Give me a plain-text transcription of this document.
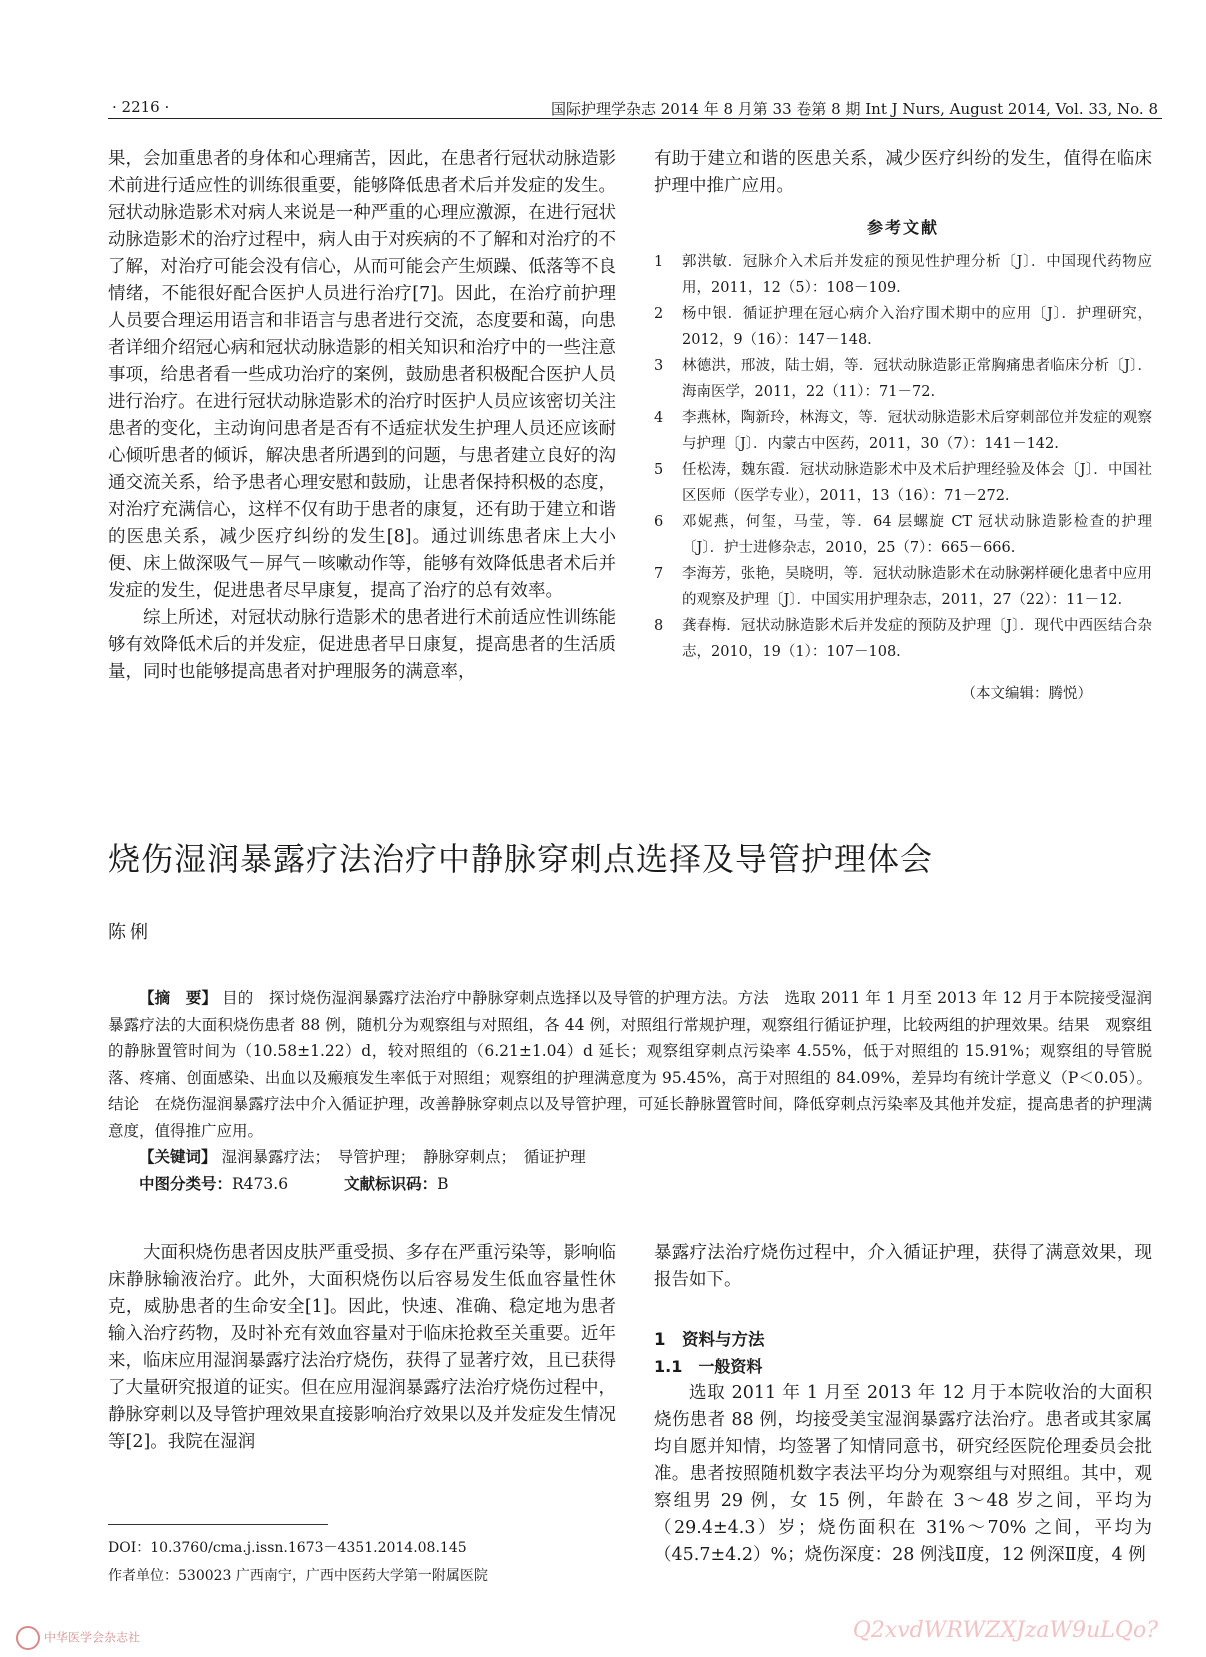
· 2216 ·	国际护理学杂志 2014 年 8 月第 33 卷第 8 期 Int J Nurs, August 2014, Vol. 33, No. 8

果，会加重患者的身体和心理痛苦，因此，在患者行冠状动脉造影术前进行适应性的训练很重要，能够降低患者术后并发症的发生。冠状动脉造影术对病人来说是一种严重的心理应激源，在进行冠状动脉造影术的治疗过程中，病人由于对疾病的不了解和对治疗的不了解，对治疗可能会没有信心，从而可能会产生烦躁、低落等不良情绪，不能很好配合医护人员进行治疗[7]。因此，在治疗前护理人员要合理运用语言和非语言与患者进行交流，态度要和蔼，向患者详细介绍冠心病和冠状动脉造影的相关知识和治疗中的一些注意事项，给患者看一些成功治疗的案例，鼓励患者积极配合医护人员进行治疗。在进行冠状动脉造影术的治疗时医护人员应该密切关注患者的变化，主动询问患者是否有不适症状发生护理人员还应该耐心倾听患者的倾诉，解决患者所遇到的问题，与患者建立良好的沟通交流关系，给予患者心理安慰和鼓励，让患者保持积极的态度，对治疗充满信心，这样不仅有助于患者的康复，还有助于建立和谐的医患关系，减少医疗纠纷的发生[8]。通过训练患者床上大小便、床上做深吸气－屏气－咳嗽动作等，能够有效降低患者术后并发症的发生，促进患者尽早康复，提高了治疗的总有效率。

综上所述，对冠状动脉行造影术的患者进行术前适应性训练能够有效降低术后的并发症，促进患者早日康复，提高患者的生活质量，同时也能够提高患者对护理服务的满意率，

有助于建立和谐的医患关系，减少医疗纠纷的发生，值得在临床护理中推广应用。

参考文献
1	郭洪敏．冠脉介入术后并发症的预见性护理分析〔J〕．中国现代药物应用，2011，12（5）：108－109.
2	杨中银．循证护理在冠心病介入治疗围术期中的应用〔J〕．护理研究，2012，9（16）：147－148.
3	林德洪，邢波，陆士娟，等．冠状动脉造影正常胸痛患者临床分析〔J〕．海南医学，2011，22（11）：71－72.
4	李燕林，陶新玲，林海文，等．冠状动脉造影术后穿刺部位并发症的观察与护理〔J〕．内蒙古中医药，2011，30（7）：141－142.
5	任松涛，魏东霞．冠状动脉造影术中及术后护理经验及体会〔J〕．中国社区医师（医学专业），2011，13（16）：71－272.
6	邓妮燕，何玺，马莹，等．64 层螺旋 CT 冠状动脉造影检查的护理〔J〕．护士进修杂志，2010，25（7）：665－666.
7	李海芳，张艳，吴晓明，等．冠状动脉造影术在动脉粥样硬化患者中应用的观察及护理〔J〕．中国实用护理杂志，2011，27（22）：11－12.
8	龚春梅．冠状动脉造影术后并发症的预防及护理〔J〕．现代中西医结合杂志，2010，19（1）：107－108.
（本文编辑：腾悦）
烧伤湿润暴露疗法治疗中静脉穿刺点选择及导管护理体会
陈俐

【摘　要】 目的　探讨烧伤湿润暴露疗法治疗中静脉穿刺点选择以及导管的护理方法。方法　选取 2011 年 1 月至 2013 年 12 月于本院接受湿润暴露疗法的大面积烧伤患者 88 例，随机分为观察组与对照组，各 44 例，对照组行常规护理，观察组行循证护理，比较两组的护理效果。结果　观察组的静脉置管时间为（10.58±1.22）d，较对照组的（6.21±1.04）d 延长；观察组穿刺点污染率 4.55%，低于对照组的 15.91%；观察组的导管脱落、疼痛、创面感染、出血以及瘢痕发生率低于对照组；观察组的护理满意度为 95.45%，高于对照组的 84.09%，差异均有统计学意义（P＜0.05）。结论　在烧伤湿润暴露疗法中介入循证护理，改善静脉穿刺点以及导管护理，可延长静脉置管时间，降低穿刺点污染率及其他并发症，提高患者的护理满意度，值得推广应用。

【关键词】 湿润暴露疗法；　导管护理；　静脉穿刺点；　循证护理

中图分类号：R473.6	文献标识码：B

大面积烧伤患者因皮肤严重受损、多存在严重污染等，影响临床静脉输液治疗。此外，大面积烧伤以后容易发生低血容量性休克，威胁患者的生命安全[1]。因此，快速、准确、稳定地为患者输入治疗药物，及时补充有效血容量对于临床抢救至关重要。近年来，临床应用湿润暴露疗法治疗烧伤，获得了显著疗效，且已获得了大量研究报道的证实。但在应用湿润暴露疗法治疗烧伤过程中，静脉穿刺以及导管护理效果直接影响治疗效果以及并发症发生情况等[2]。我院在湿润

暴露疗法治疗烧伤过程中，介入循证护理，获得了满意效果，现报告如下。

1　资料与方法
1.1　一般资料

选取 2011 年 1 月至 2013 年 12 月于本院收治的大面积烧伤患者 88 例，均接受美宝湿润暴露疗法治疗。患者或其家属均自愿并知情，均签署了知情同意书，研究经医院伦理委员会批准。患者按照随机数字表法平均分为观察组与对照组。其中，观察组男 29 例，女 15 例，年龄在 3～48 岁之间，平均为（29.4±4.3）岁；烧伤面积在 31%～70% 之间，平均为（45.7±4.2）%；烧伤深度：28 例浅Ⅱ度，12 例深Ⅱ度，4 例

DOI：10.3760/cma.j.issn.1673－4351.2014.08.145
作者单位：530023 广西南宁，广西中医药大学第一附属医院
中华医学会杂志社	Q2xvdWRWZXJzaW9uLQo?
